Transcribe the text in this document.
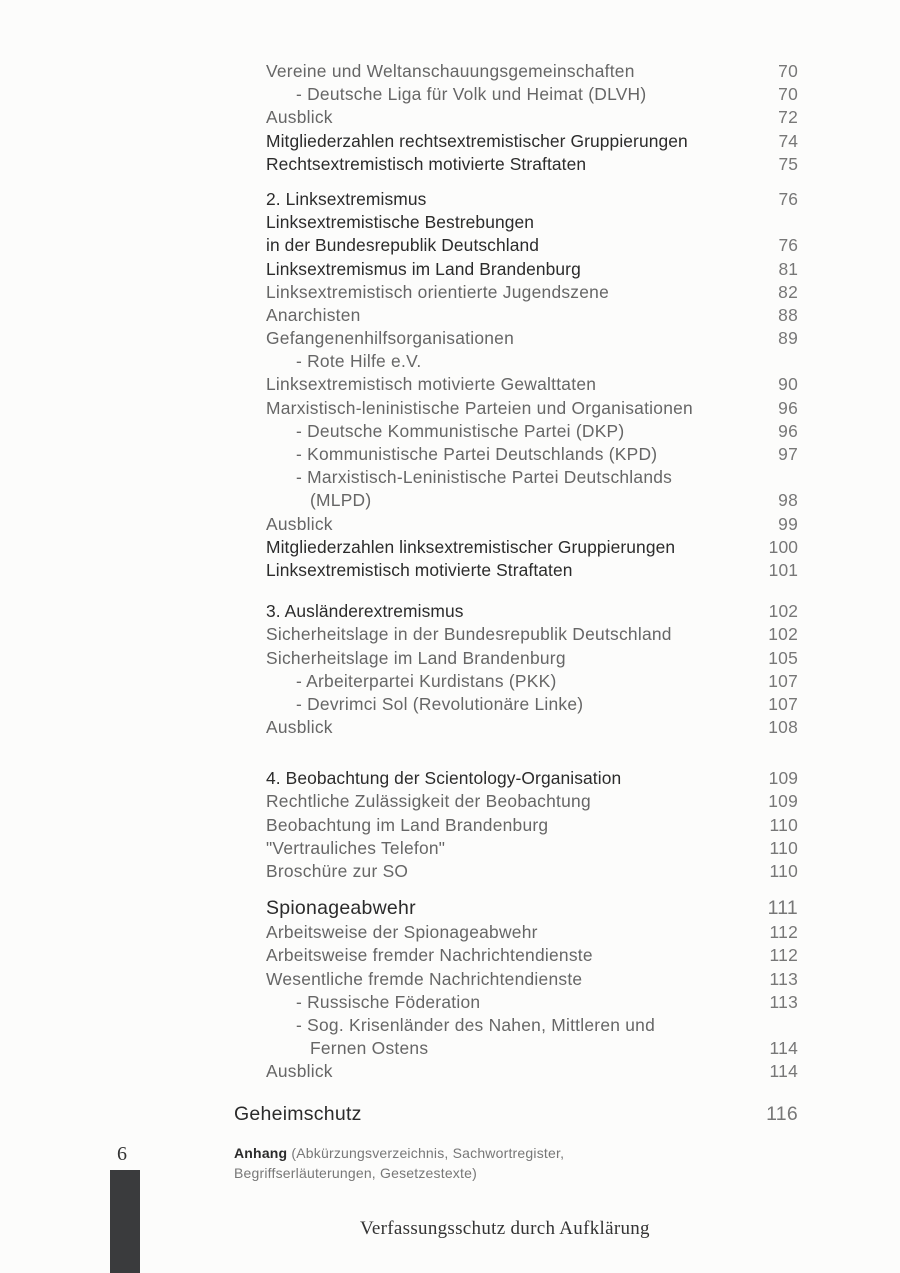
Vereine und Weltanschauungsgemeinschaften	70
- Deutsche Liga für Volk und Heimat (DLVH)	70
Ausblick	72
Mitgliederzahlen rechtsextremistischer Gruppierungen	74
Rechtsextremistisch motivierte Straftaten	75
2. Linksextremismus	76
Linksextremistische Bestrebungen
in der Bundesrepublik Deutschland	76
Linksextremismus im Land Brandenburg	81
Linksextremistisch orientierte Jugendszene	82
Anarchisten	88
Gefangenenhilfsorganisationen	89
- Rote Hilfe e.V.
Linksextremistisch motivierte Gewalttaten	90
Marxistisch-leninistische Parteien und Organisationen	96
- Deutsche Kommunistische Partei (DKP)	96
- Kommunistische Partei Deutschlands (KPD)	97
- Marxistisch-Leninistische Partei Deutschlands
(MLPD)	98
Ausblick	99
Mitgliederzahlen linksextremistischer Gruppierungen	100
Linksextremistisch motivierte Straftaten	101
3. Ausländerextremismus	102
Sicherheitslage in der Bundesrepublik Deutschland	102
Sicherheitslage im Land Brandenburg	105
- Arbeiterpartei Kurdistans (PKK)	107
- Devrimci Sol (Revolutionäre Linke)	107
Ausblick	108
4. Beobachtung der Scientology-Organisation	109
Rechtliche Zulässigkeit der Beobachtung	109
Beobachtung im Land Brandenburg	110
"Vertrauliches Telefon"	110
Broschüre zur SO	110
Spionageabwehr	111
Arbeitsweise der Spionageabwehr	112
Arbeitsweise fremder Nachrichtendienste	112
Wesentliche fremde Nachrichtendienste	113
- Russische Föderation	113
- Sog. Krisenländer des Nahen, Mittleren und
Fernen Ostens	114
Ausblick	114
Geheimschutz	116
Anhang (Abkürzungsverzeichnis, Sachwortregister,
Begriffserläuterungen, Gesetzestexte)
6
Verfassungsschutz durch Aufklärung
